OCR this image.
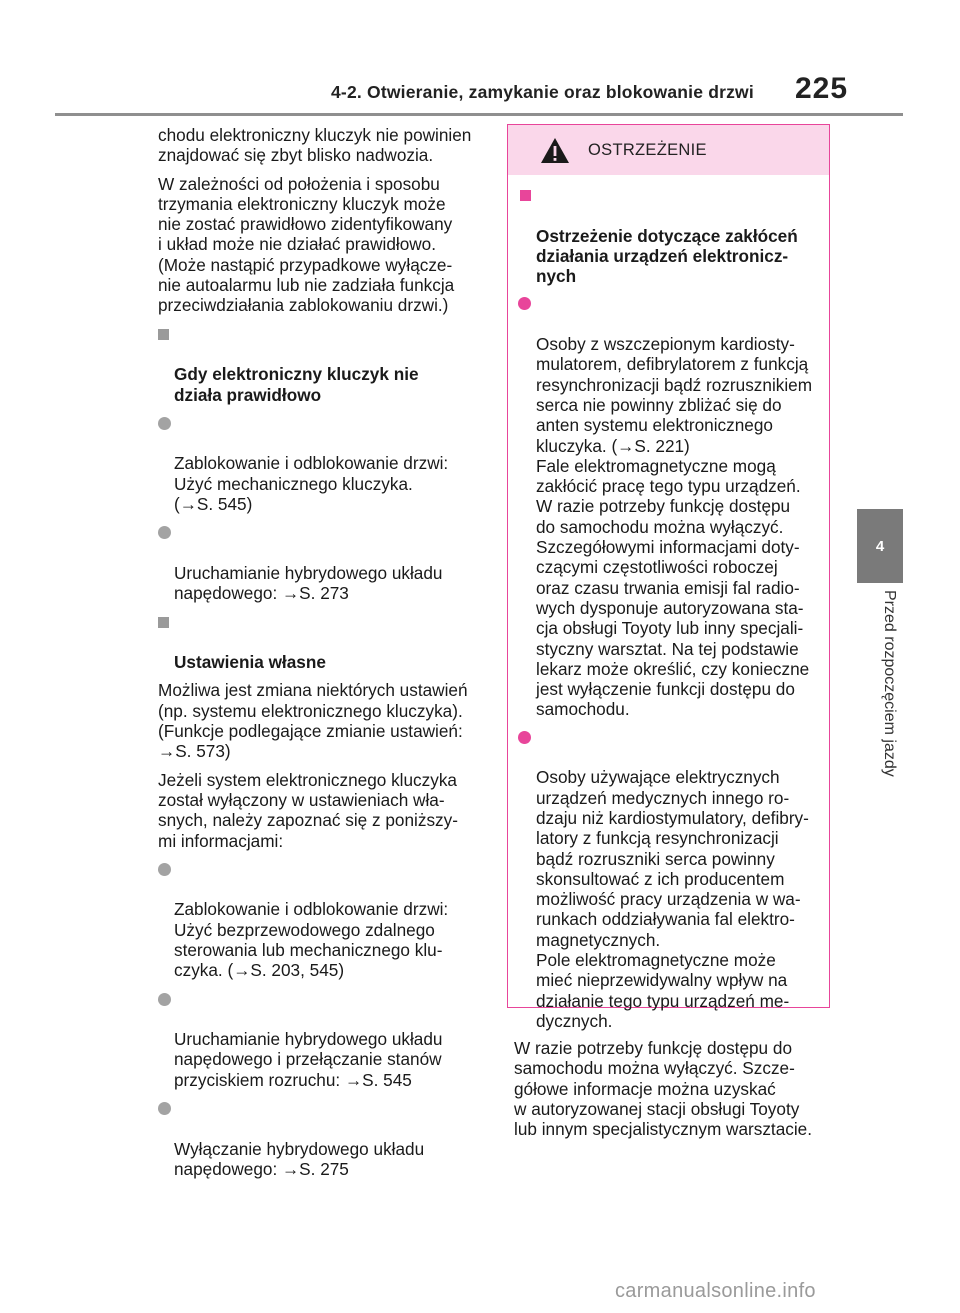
4-2. Otwieranie, zamykanie oraz blokowanie drzwi 225
4
Przed rozpoczęciem jazdy

chodu elektroniczny kluczyk nie powinien
znajdować się zbyt blisko nadwozia.

W zależności od położenia i sposobu
trzymania elektroniczny kluczyk może
nie zostać prawidłowo zidentyfikowany
i układ może nie działać prawidłowo.
(Może nastąpić przypadkowe wyłącze-
nie autoalarmu lub nie zadziała funkcja
przeciwdziałania zablokowaniu drzwi.)

Gdy elektroniczny kluczyk nie
działa prawidłowo

Zablokowanie i odblokowanie drzwi:
Użyć mechanicznego kluczyka.
(→S. 545)

Uruchamianie hybrydowego układu
napędowego: →S. 273

Ustawienia własne

Możliwa jest zmiana niektórych ustawień
(np. systemu elektronicznego kluczyka).
(Funkcje podlegające zmianie ustawień:
→S. 573)

Jeżeli system elektronicznego kluczyka
został wyłączony w ustawieniach wła-
snych, należy zapoznać się z poniższy-
mi informacjami:

Zablokowanie i odblokowanie drzwi:
Użyć bezprzewodowego zdalnego
sterowania lub mechanicznego klu-
czyka. (→S. 203, 545)

Uruchamianie hybrydowego układu
napędowego i przełączanie stanów
przyciskiem rozruchu: →S. 545

Wyłączanie hybrydowego układu
napędowego: →S. 275

OSTRZEŻENIE

Ostrzeżenie dotyczące zakłóceń
działania urządzeń elektronicz-
nych

Osoby z wszczepionym kardiosty-
mulatorem, defibrylatorem z funkcją
resynchronizacji bądź rozrusznikiem
serca nie powinny zbliżać się do
anten systemu elektronicznego
kluczyka. (→S. 221)
Fale elektromagnetyczne mogą
zakłócić pracę tego typu urządzeń.
W razie potrzeby funkcję dostępu
do samochodu można wyłączyć.
Szczegółowymi informacjami doty-
czącymi częstotliwości roboczej
oraz czasu trwania emisji fal radio-
wych dysponuje autoryzowana sta-
cja obsługi Toyoty lub inny specjali-
styczny warsztat. Na tej podstawie
lekarz może określić, czy konieczne
jest wyłączenie funkcji dostępu do
samochodu.

Osoby używające elektrycznych
urządzeń medycznych innego ro-
dzaju niż kardiostymulatory, defibry-
latory z funkcją resynchronizacji
bądź rozruszniki serca powinny
skonsultować z ich producentem
możliwość pracy urządzenia w wa-
runkach oddziaływania fal elektro-
magnetycznych.
Pole elektromagnetyczne może
mieć nieprzewidywalny wpływ na
działanie tego typu urządzeń me-
dycznych.

W razie potrzeby funkcję dostępu do
samochodu można wyłączyć. Szcze-
gółowe informacje można uzyskać
w autoryzowanej stacji obsługi Toyoty
lub innym specjalistycznym warsztacie.

carmanualsonline.info
